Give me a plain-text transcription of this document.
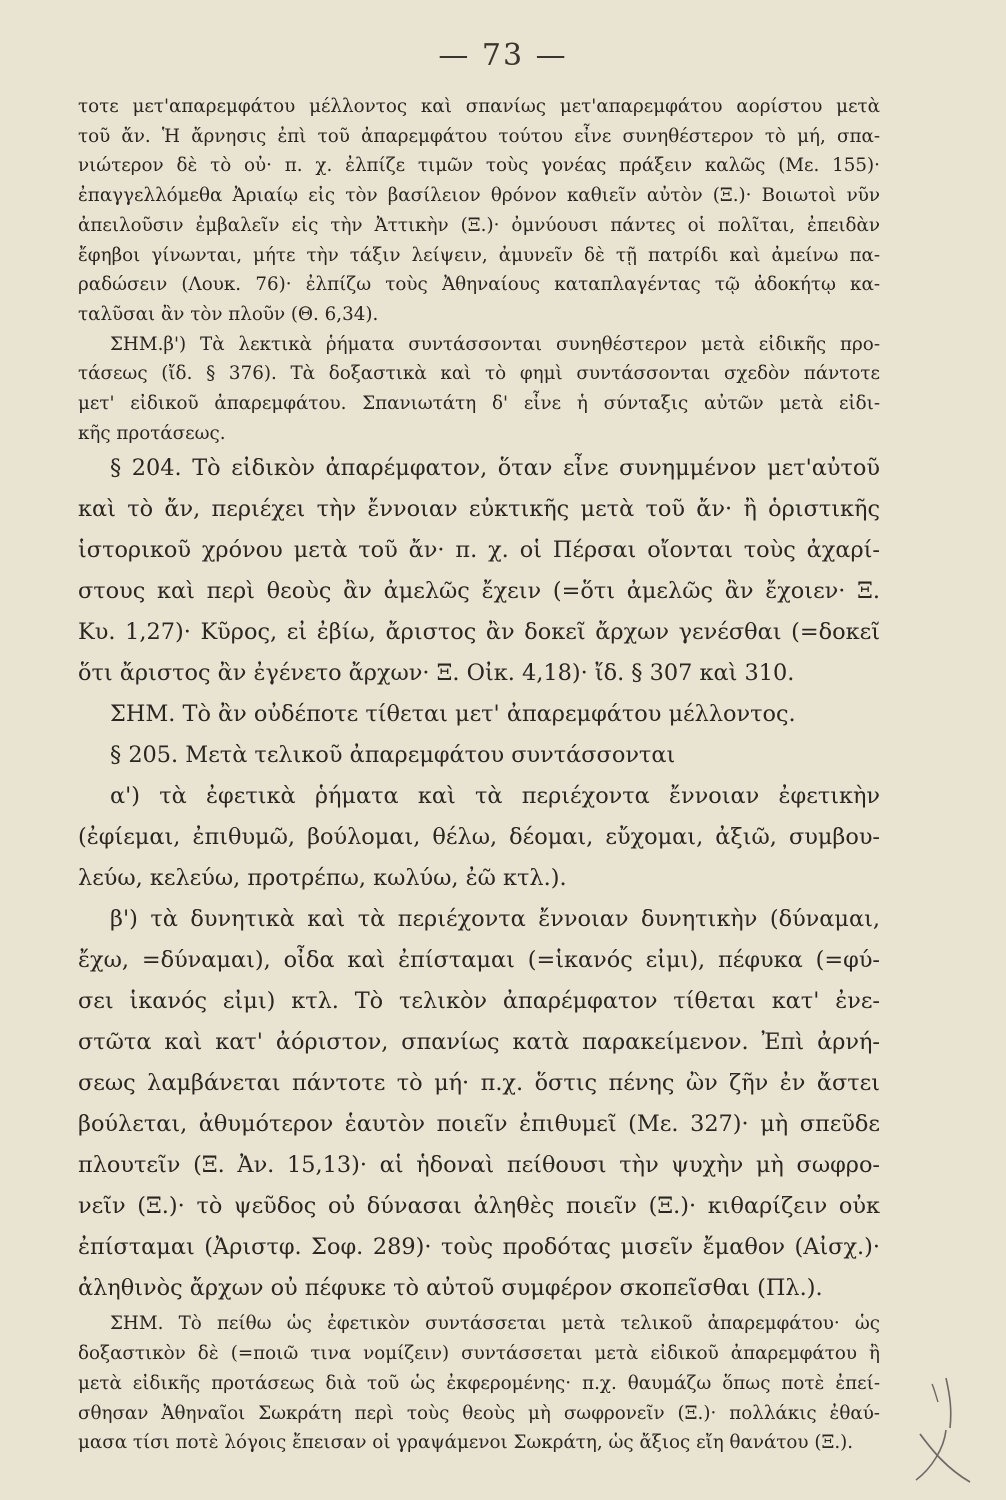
— 73 —

τοτε μετ'απαρεμφάτου μέλλοντος καὶ σπανίως μετ'απαρεμφάτου αορίστου μετὰ

τοῦ ἄν. Ἡ ἄρνησις ἐπὶ τοῦ ἀπαρεμφάτου τούτου εἶνε συνηθέστερον τὸ μή, σπα-

νιώτερον δὲ τὸ οὐ· π. χ. ἐλπίζε τιμῶν τοὺς γονέας πράξειν καλῶς (Με. 155)·

ἐπαγγελλόμεθα Ἀριαίῳ εἰς τὸν βασίλειον θρόνον καθιεῖν αὐτὸν (Ξ.)· Βοιωτοὶ νῦν

ἀπειλοῦσιν ἐμβαλεῖν εἰς τὴν Ἀττικὴν (Ξ.)· ὀμνύουσι πάντες οἱ πολῖται, ἐπειδὰν

ἔφηβοι γίνωνται, μήτε τὴν τάξιν λείψειν, ἀμυνεῖν δὲ τῇ πατρίδι καὶ ἀμείνω πα-

ραδώσειν (Λουκ. 76)· ἐλπίζω τοὺς Ἀθηναίους καταπλαγέντας τῷ ἀδοκήτῳ κα-

ταλῦσαι ἂν τὸν πλοῦν (Θ. 6,34).

ΣΗΜ.β') Τὰ λεκτικὰ ῥήματα συντάσσονται συνηθέστερον μετὰ εἰδικῆς προ-

τάσεως (ἴδ. § 376). Τὰ δοξαστικὰ καὶ τὸ φημὶ συντάσσονται σχεδὸν πάντοτε

μετ' εἰδικοῦ ἀπαρεμφάτου. Σπανιωτάτη δ' εἶνε ἡ σύνταξις αὐτῶν μετὰ εἰδι-

κῆς προτάσεως.

§ 204. Τὸ εἰδικὸν ἀπαρέμφατον, ὅταν εἶνε συνημμένον μετ'αὐτοῦ

καὶ τὸ ἄν, περιέχει τὴν ἔννοιαν εὐκτικῆς μετὰ τοῦ ἄν· ἢ ὁριστικῆς

ἱστορικοῦ χρόνου μετὰ τοῦ ἄν· π. χ. οἱ Πέρσαι οἴονται τοὺς ἀχαρί-

στους καὶ περὶ θεοὺς ἂν ἀμελῶς ἔχειν (=ὅτι ἀμελῶς ἂν ἔχοιεν· Ξ.

Κυ. 1,27)· Κῦρος, εἰ ἐβίω, ἄριστος ἂν δοκεῖ ἄρχων γενέσθαι (=δοκεῖ

ὅτι ἄριστος ἂν ἐγένετο ἄρχων· Ξ. Οἰκ. 4,18)· ἴδ. § 307 καὶ 310.

ΣΗΜ. Τὸ ἂν οὐδέποτε τίθεται μετ' ἀπαρεμφάτου μέλλοντος.

§ 205. Μετὰ τελικοῦ ἀπαρεμφάτου συντάσσονται

α') τὰ ἐφετικὰ ῥήματα καὶ τὰ περιέχοντα ἔννοιαν ἐφετικὴν

(ἐφίεμαι, ἐπιθυμῶ, βούλομαι, θέλω, δέομαι, εὔχομαι, ἀξιῶ, συμβου-

λεύω, κελεύω, προτρέπω, κωλύω, ἐῶ κτλ.).

β') τὰ δυνητικὰ καὶ τὰ περιέχοντα ἔννοιαν δυνητικὴν (δύναμαι,

ἔχω, =δύναμαι), οἶδα καὶ ἐπίσταμαι (=ἱκανός εἰμι), πέφυκα (=φύ-

σει ἱκανός εἰμι) κτλ. Τὸ τελικὸν ἀπαρέμφατον τίθεται κατ' ἐνε-

στῶτα καὶ κατ' ἀόριστον, σπανίως κατὰ παρακείμενον. Ἐπὶ ἀρνή-

σεως λαμβάνεται πάντοτε τὸ μή· π.χ. ὅστις πένης ὢν ζῆν ἐν ἄστει

βούλεται, ἀθυμότερον ἑαυτὸν ποιεῖν ἐπιθυμεῖ (Με. 327)· μὴ σπεῦδε

πλουτεῖν (Ξ. Ἀν. 15,13)· αἱ ἡδοναὶ πείθουσι τὴν ψυχὴν μὴ σωφρο-

νεῖν (Ξ.)· τὸ ψεῦδος οὐ δύνασαι ἀληθὲς ποιεῖν (Ξ.)· κιθαρίζειν οὐκ

ἐπίσταμαι (Ἀριστφ. Σοφ. 289)· τοὺς προδότας μισεῖν ἔμαθον (Αἰσχ.)·

ἀληθινὸς ἄρχων οὐ πέφυκε τὸ αὐτοῦ συμφέρον σκοπεῖσθαι (Πλ.).

ΣΗΜ. Τὸ πείθω ὡς ἐφετικὸν συντάσσεται μετὰ τελικοῦ ἀπαρεμφάτου· ὡς

δοξαστικὸν δὲ (=ποιῶ τινα νομίζειν) συντάσσεται μετὰ εἰδικοῦ ἀπαρεμφάτου ἢ

μετὰ εἰδικῆς προτάσεως διὰ τοῦ ὡς ἐκφερομένης· π.χ. θαυμάζω ὅπως ποτὲ ἐπεί-

σθησαν Ἀθηναῖοι Σωκράτη περὶ τοὺς θεοὺς μὴ σωφρονεῖν (Ξ.)· πολλάκις ἐθαύ-

μασα τίσι ποτὲ λόγοις ἔπεισαν οἱ γραψάμενοι Σωκράτη, ὡς ἄξιος εἴη θανάτου (Ξ.).
